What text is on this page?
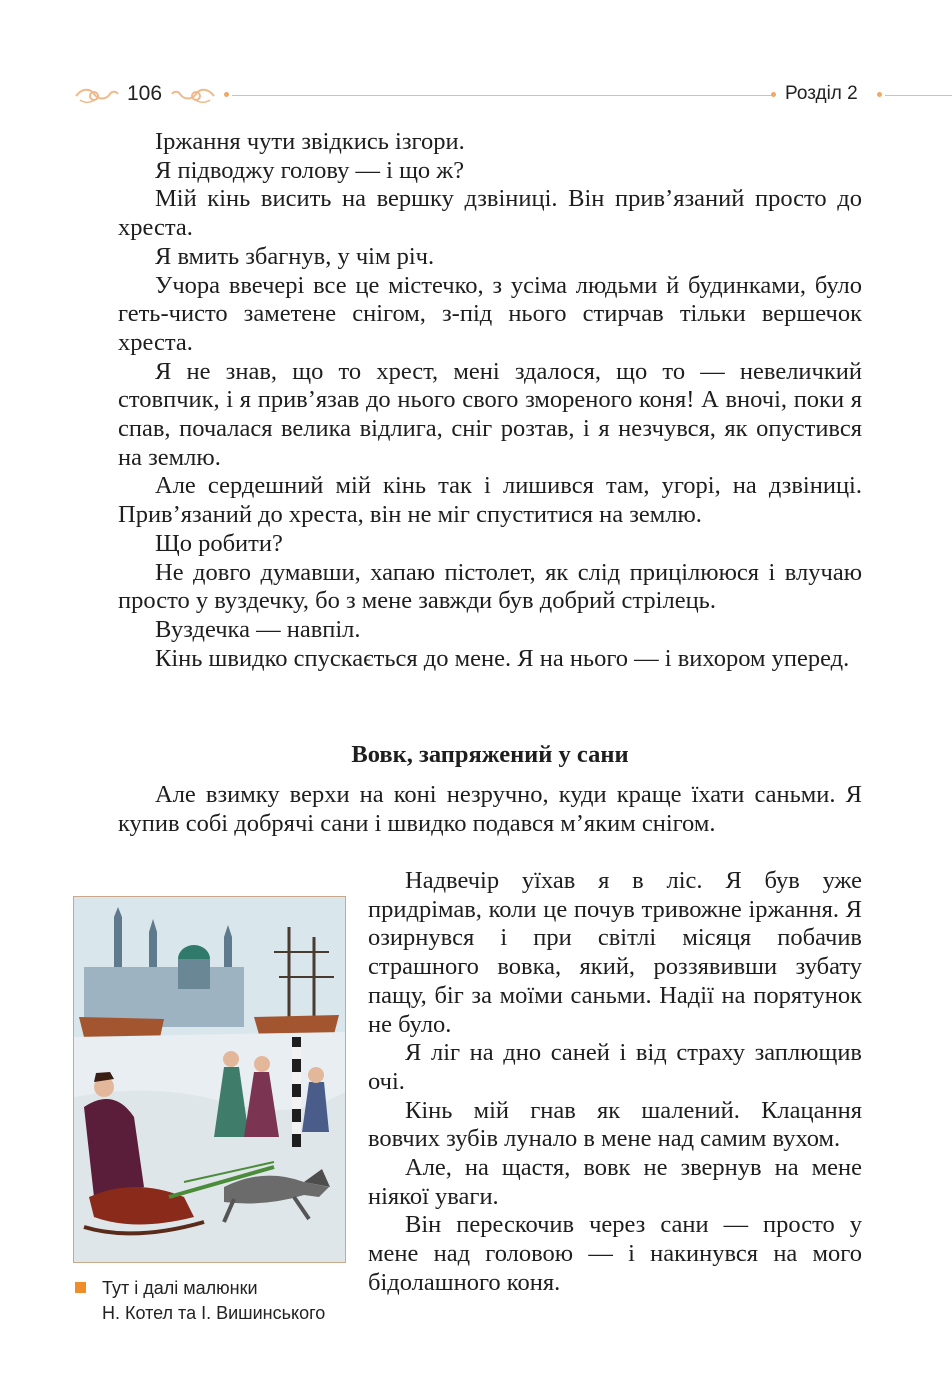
106	Розділ 2

Іржання чути звідкись ізгори.

Я підводжу голову — і що ж?

Мій кінь висить на вершку дзвіниці. Він прив’язаний просто до хреста.

Я вмить збагнув, у чім річ.

Учора ввечері все це містечко, з усіма людьми й будинками, було геть-чисто заметене снігом, з-під нього стирчав тільки вершечок хреста.

Я не знав, що то хрест, мені здалося, що то — невеличкий стовпчик, і я прив’язав до нього свого змореного коня! А вночі, поки я спав, почалася велика відлига, сніг розтав, і я незчувся, як опустився на землю.

Але сердешний мій кінь так і лишився там, угорі, на дзвіниці. Прив’язаний до хреста, він не міг спуститися на землю.

Що робити?

Не довго думавши, хапаю пістолет, як слід прицілююся і влучаю просто у вуздечку, бо з мене завжди був добрий стрілець.

Вуздечка — навпіл.

Кінь швидко спускається до мене. Я на нього — і вихором уперед.

Вовк, запряжений у сани

Але взимку верхи на коні незручно, куди краще їхати саньми. Я купив собі добрячі сани і швидко подався м’яким снігом.

Тут і далі малюнки
Н. Котел та І. Вишинського

Надвечір уїхав я в ліс. Я був уже придрімав, коли це почув тривожне іржання. Я озирнувся і при світлі місяця побачив страшного вовка, який, роззявивши зубату пащу, біг за моїми саньми. Надії на порятунок не було.

Я ліг на дно саней і від страху заплющив очі.

Кінь мій гнав як шалений. Клацання вовчих зубів лунало в мене над самим вухом.

Але, на щастя, вовк не звернув на мене ніякої уваги.

Він перескочив через сани — просто у мене над головою — і накинувся на мого бідолашного коня.
